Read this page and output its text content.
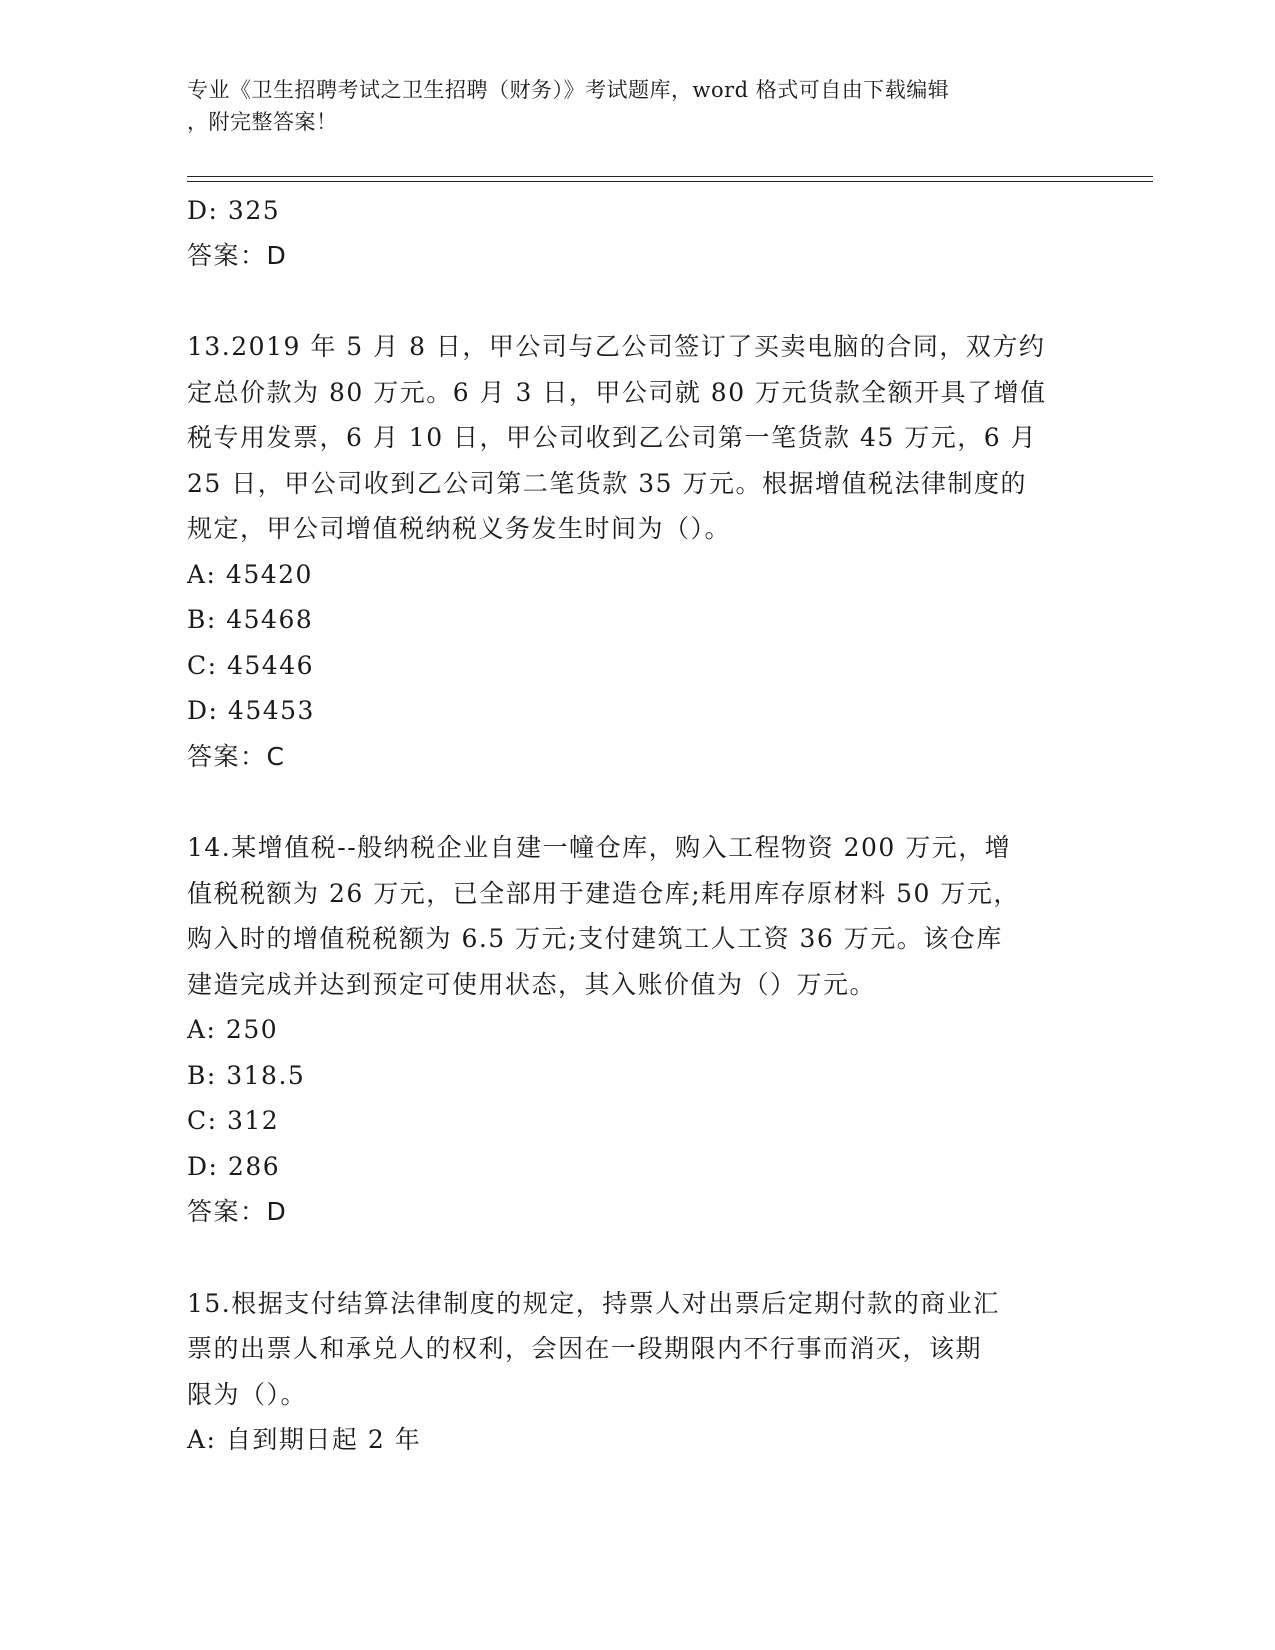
专业《卫生招聘考试之卫生招聘（财务）》考试题库，word 格式可自由下载编辑
，附完整答案！
D: 325
答案：D
13.2019 年 5 月 8 日，甲公司与乙公司签订了买卖电脑的合同，双方约
定总价款为 80 万元。6 月 3 日，甲公司就 80 万元货款全额开具了增值
税专用发票，6 月 10 日，甲公司收到乙公司第一笔货款 45 万元，6 月
25 日，甲公司收到乙公司第二笔货款 35 万元。根据增值税法律制度的
规定，甲公司增值税纳税义务发生时间为（）。
A: 45420
B: 45468
C: 45446
D: 45453
答案：C
14.某增值税--般纳税企业自建一幢仓库，购入工程物资 200 万元，增
值税税额为 26 万元，已全部用于建造仓库;耗用库存原材料 50 万元，
购入时的增值税税额为 6.5 万元;支付建筑工人工资 36 万元。该仓库
建造完成并达到预定可使用状态，其入账价值为（）万元。
A: 250
B: 318.5
C: 312
D: 286
答案：D
15.根据支付结算法律制度的规定，持票人对出票后定期付款的商业汇
票的出票人和承兑人的权利，会因在一段期限内不行事而消灭，该期
限为（）。
A: 自到期日起 2 年
